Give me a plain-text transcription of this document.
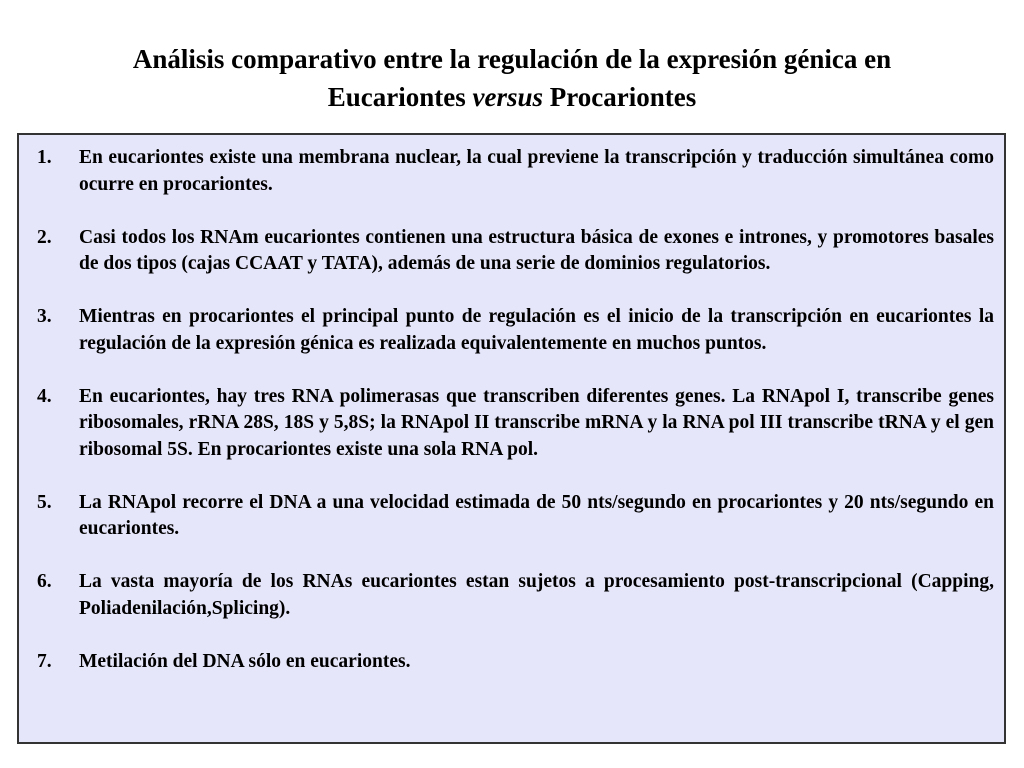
Análisis comparativo entre la regulación de la expresión génica en
Eucariontes versus Procariontes
1.	En eucariontes existe una membrana nuclear, la cual previene la transcripción y traducción simultánea como ocurre en procariontes.
2.	Casi todos los RNAm eucariontes contienen una estructura básica de exones e intrones, y promotores basales de dos tipos (cajas CCAAT y TATA), además de una serie de dominios regulatorios.
3.	Mientras en procariontes el principal punto de regulación es el inicio de la transcripción en eucariontes la regulación de la expresión génica es realizada equivalentemente en muchos puntos.
4.	En eucariontes, hay tres RNA polimerasas que transcriben diferentes genes. La RNApol I, transcribe genes ribosomales, rRNA 28S, 18S y 5,8S; la RNApol II transcribe mRNA y la RNA pol III transcribe tRNA y el gen ribosomal 5S. En procariontes existe una sola RNA pol.
5.	La RNApol recorre el DNA a una velocidad estimada de 50 nts/segundo en procariontes y 20 nts/segundo en eucariontes.
6.	La vasta mayoría de los RNAs eucariontes estan sujetos a procesamiento post-transcripcional (Capping, Poliadenilación,Splicing).
7.	Metilación del DNA sólo en eucariontes.
